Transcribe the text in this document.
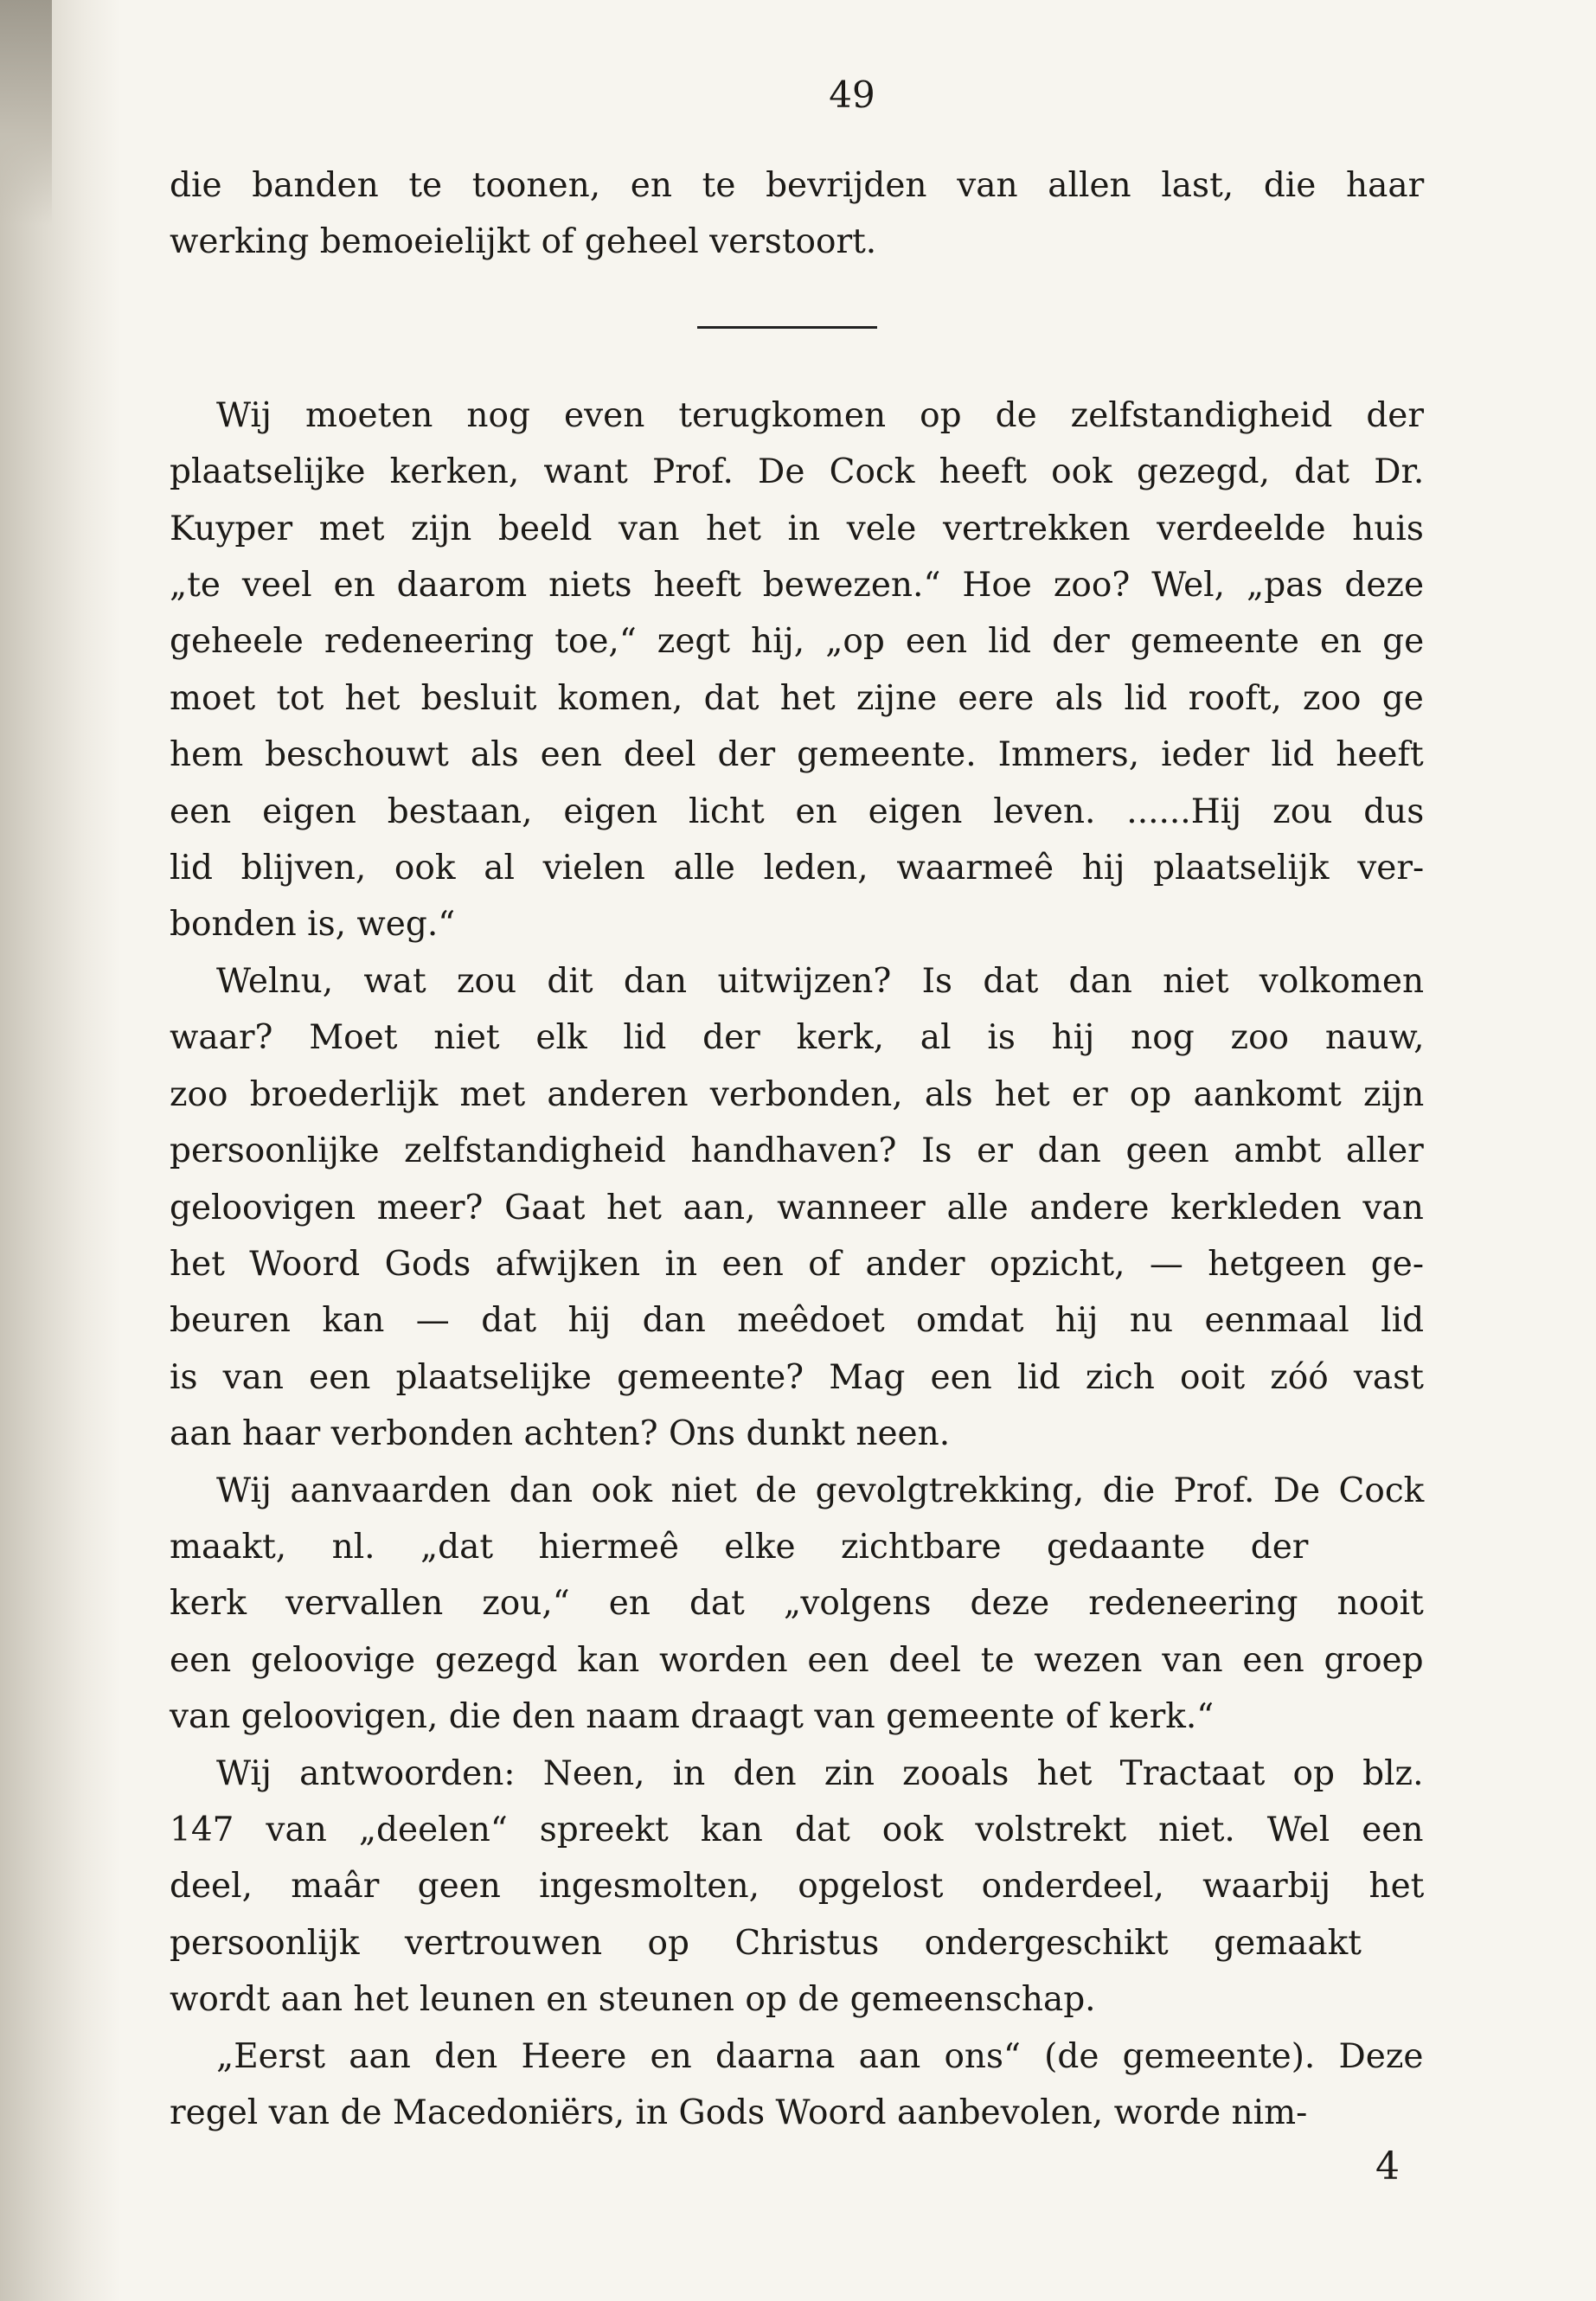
49
die banden te toonen, en te bevrijden van allen last, die haar
werking bemoeielijkt of geheel verstoort.
Wij moeten nog even terugkomen op de zelfstandigheid der
plaatselijke kerken, want Prof. De Cock heeft ook gezegd, dat Dr.
Kuyper met zijn beeld van het in vele vertrekken verdeelde huis
„te veel en daarom niets heeft bewezen.“ Hoe zoo? Wel, „pas deze
geheele redeneering toe,“ zegt hij, „op een lid der gemeente en ge
moet tot het besluit komen, dat het zijne eere als lid rooft, zoo ge
hem beschouwt als een deel der gemeente. Immers, ieder lid heeft
een eigen bestaan, eigen licht en eigen leven. ......Hij zou dus
lid blijven, ook al vielen alle leden, waarmeê hij plaatselijk ver-
bonden is, weg.“
Welnu, wat zou dit dan uitwijzen? Is dat dan niet volkomen
waar? Moet niet elk lid der kerk, al is hij nog zoo nauw,
zoo broederlijk met anderen verbonden, als het er op aankomt zijn
persoonlijke zelfstandigheid handhaven? Is er dan geen ambt aller
geloovigen meer? Gaat het aan, wanneer alle andere kerkleden van
het Woord Gods afwijken in een of ander opzicht, — hetgeen ge-
beuren kan — dat hij dan meêdoet omdat hij nu eenmaal lid
is van een plaatselijke gemeente? Mag een lid zich ooit zóó vast
aan haar verbonden achten? Ons dunkt neen.
Wij aanvaarden dan ook niet de gevolgtrekking, die Prof. De Cock
maakt, nl. „dat hiermeê elke zichtbare gedaante der
kerk vervallen zou,“ en dat „volgens deze redeneering nooit
een geloovige gezegd kan worden een deel te wezen van een groep
van geloovigen, die den naam draagt van gemeente of kerk.“
Wij antwoorden: Neen, in den zin zooals het Tractaat op blz.
147 van „deelen“ spreekt kan dat ook volstrekt niet. Wel een
deel, maâr geen ingesmolten, opgelost onderdeel, waarbij het
persoonlijk vertrouwen op Christus ondergeschikt gemaakt
wordt aan het leunen en steunen op de gemeenschap.
„Eerst aan den Heere en daarna aan ons“ (de gemeente). Deze
regel van de Macedoniërs, in Gods Woord aanbevolen, worde nim-
4
